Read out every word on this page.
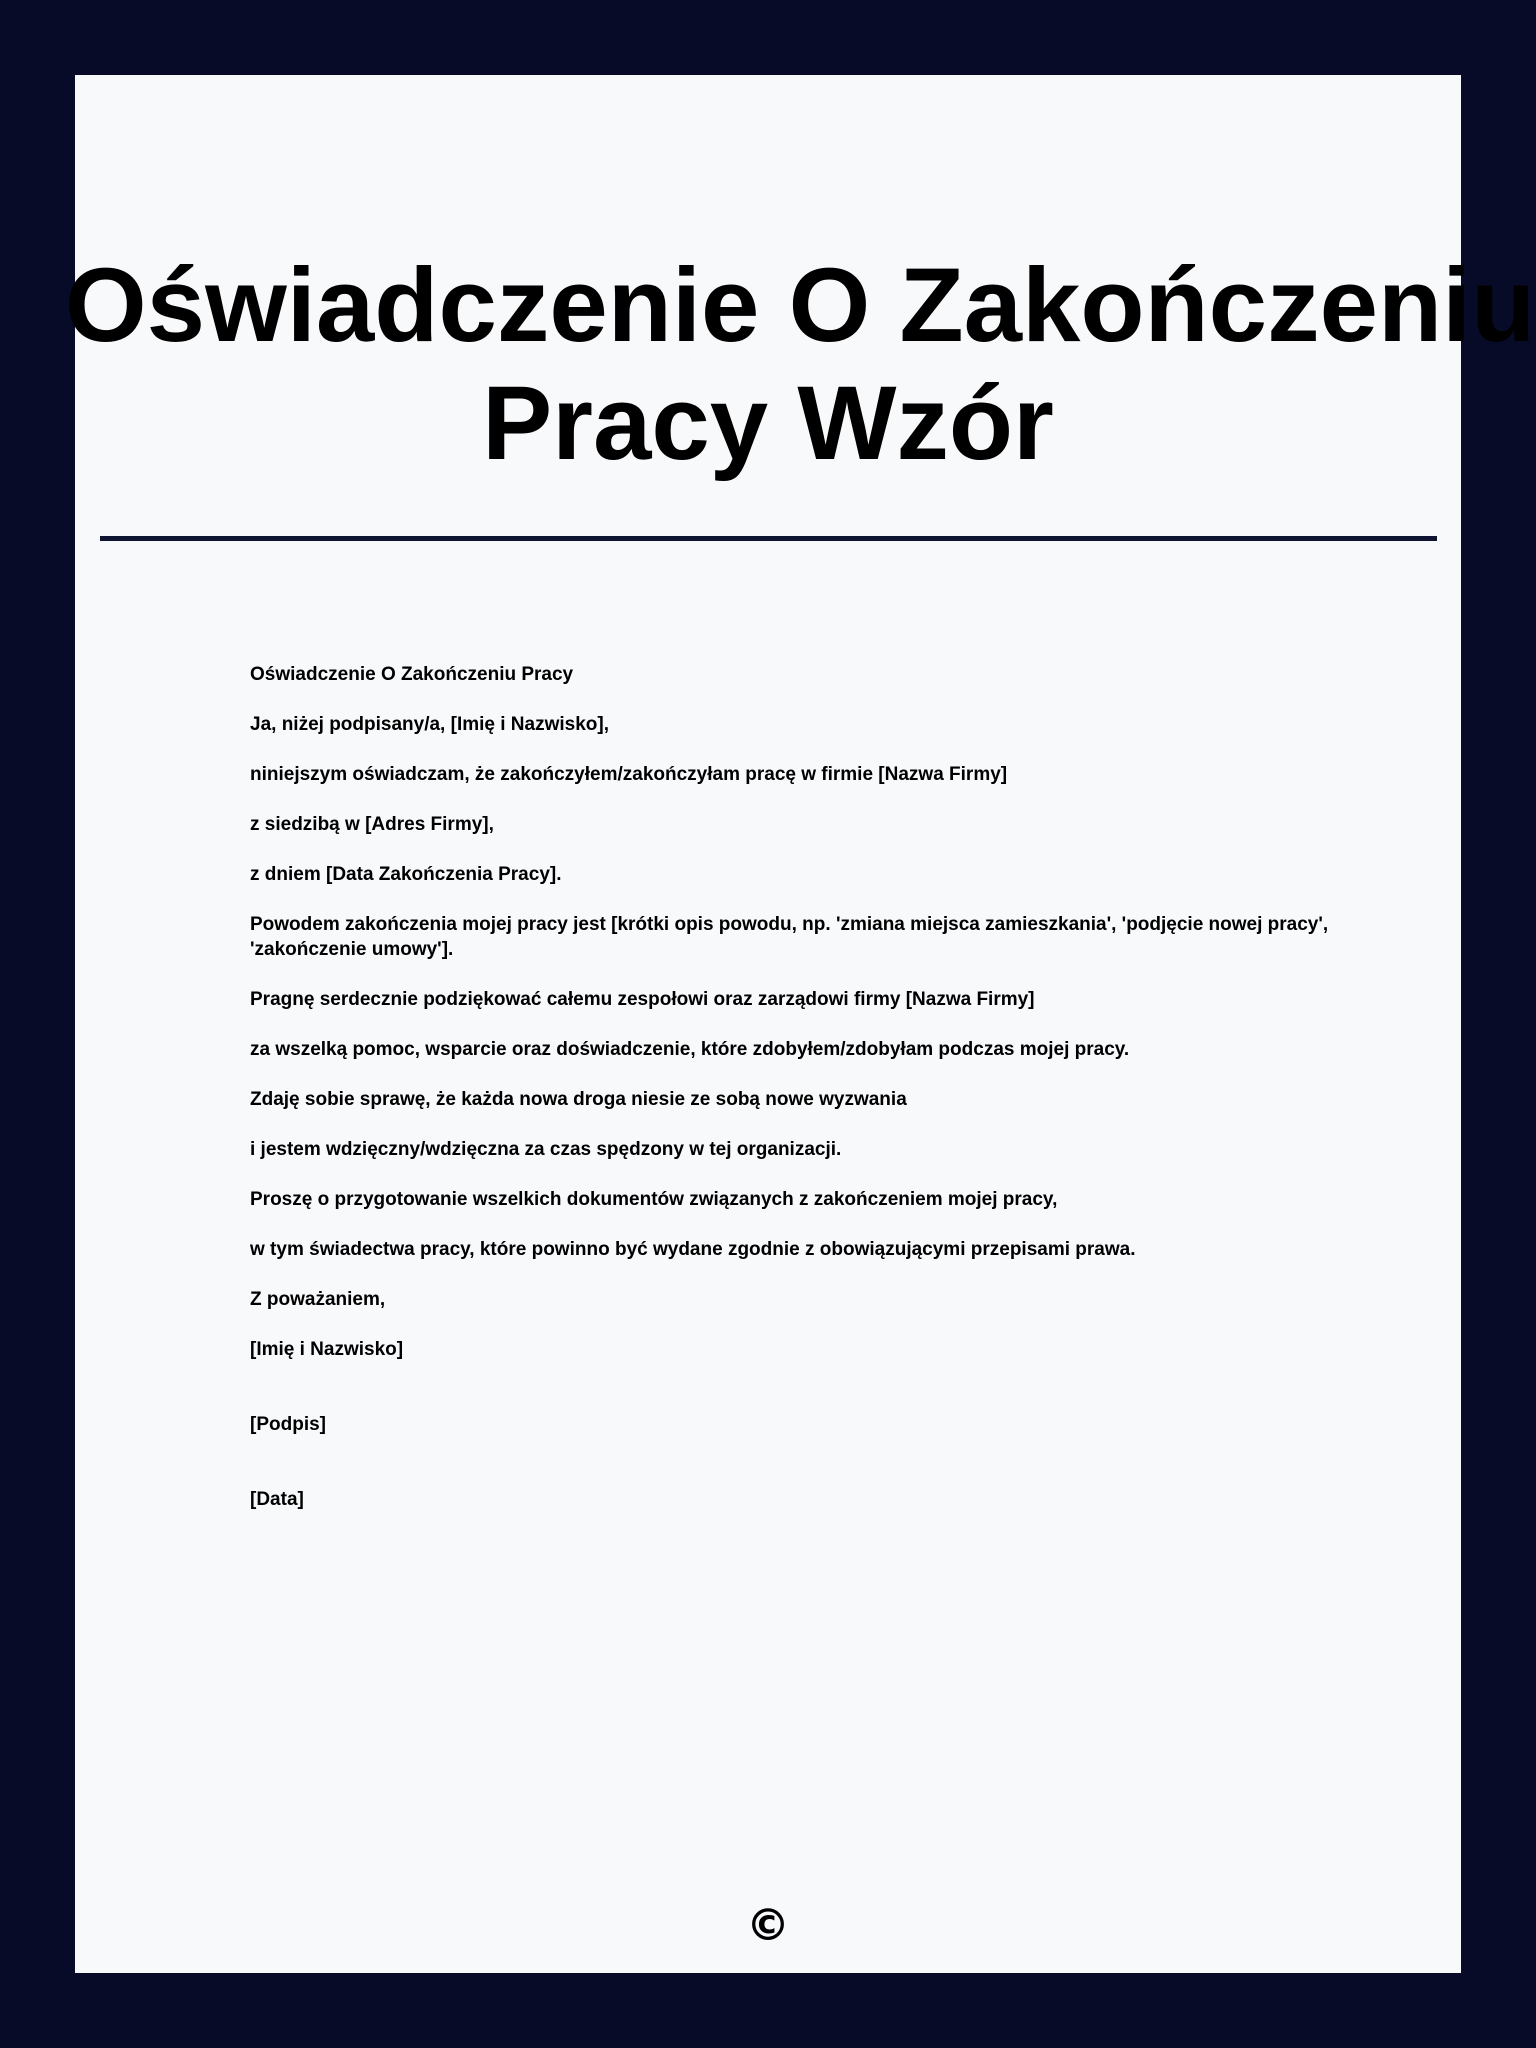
Oświadczenie O Zakończeniu
Pracy Wzór

Oświadczenie O Zakończeniu Pracy

Ja, niżej podpisany/a, [Imię i Nazwisko],

niniejszym oświadczam, że zakończyłem/zakończyłam pracę w firmie [Nazwa Firmy]

z siedzibą w [Adres Firmy],

z dniem [Data Zakończenia Pracy].

Powodem zakończenia mojej pracy jest [krótki opis powodu, np. 'zmiana miejsca zamieszkania', 'podjęcie nowej pracy', 'zakończenie umowy'].

Pragnę serdecznie podziękować całemu zespołowi oraz zarządowi firmy [Nazwa Firmy]

za wszelką pomoc, wsparcie oraz doświadczenie, które zdobyłem/zdobyłam podczas mojej pracy.

Zdaję sobie sprawę, że każda nowa droga niesie ze sobą nowe wyzwania

i jestem wdzięczny/wdzięczna za czas spędzony w tej organizacji.

Proszę o przygotowanie wszelkich dokumentów związanych z zakończeniem mojej pracy,

w tym świadectwa pracy, które powinno być wydane zgodnie z obowiązującymi przepisami prawa.

Z poważaniem,

[Imię i Nazwisko]

[Podpis]

[Data]

©
